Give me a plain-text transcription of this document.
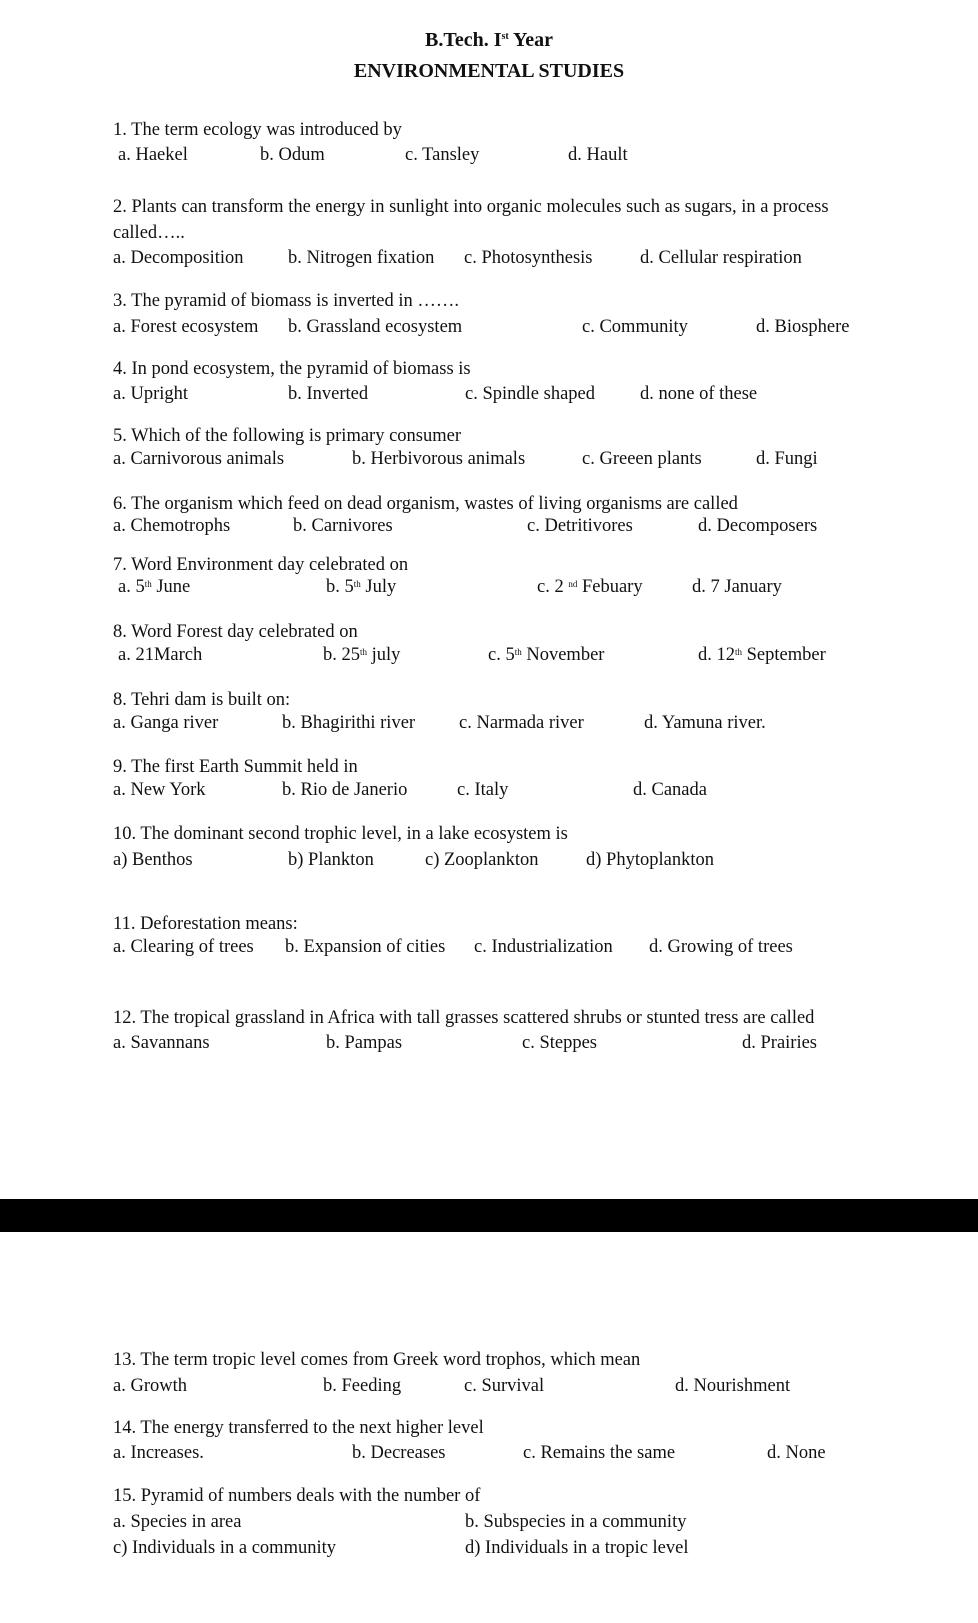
B.Tech. Ist Year
ENVIRONMENTAL STUDIES
1. The term ecology was introduced by
a. Haekel	b. Odum	c. Tansley	d. Hault
2. Plants can transform the energy in sunlight into organic molecules such as sugars, in a process called…..
a. Decomposition b. Nitrogen fixation c. Photosynthesis	d. Cellular respiration
3. The pyramid of biomass is inverted in …….
a. Forest ecosystem b. Grassland ecosystem	c. Community	d. Biosphere
4. In pond ecosystem, the pyramid of biomass is
a. Upright	b. Inverted	c. Spindle shaped d. none of these
5. Which of the following is primary consumer
a. Carnivorous animals	b. Herbivorous animals	c. Greeen plants	d. Fungi
6. The organism which feed on dead organism, wastes of living organisms are called
a. Chemotrophs	b. Carnivores	c. Detritivores	d. Decomposers
7. Word Environment day celebrated on
a. 5th June	b. 5th July	c. 2 $^{nd}$ Febuary	d. 7 January
8. Word Forest day celebrated on
a. 21March	b. 25th july	c. 5th November	d. 12th September
8. Tehri dam is built on:
a. Ganga river	b. Bhagirithi river c. Narmada river	d. Yamuna river.
9. The first Earth Summit held in
a. New York	b. Rio de Janerio	c. Italy	d. Canada
10. The dominant second trophic level, in a lake ecosystem is
a) Benthos	b) Plankton	c) Zooplankton	d) Phytoplankton
11. Deforestation means:
a. Clearing of trees b. Expansion of cities c. Industrialization d. Growing of trees
12. The tropical grassland in Africa with tall grasses scattered shrubs or stunted tress are called
a. Savannans	b. Pampas	c. Steppes	d. Prairies
13. The term tropic level comes from Greek word trophos, which mean
a. Growth	b. Feeding	c. Survival	d. Nourishment
14. The energy transferred to the next higher level
a. Increases.	b. Decreases	c. Remains the same	d. None
15. Pyramid of numbers deals with the number of
a. Species in area	b. Subspecies in a community
c) Individuals in a community	d) Individuals in a tropic level
